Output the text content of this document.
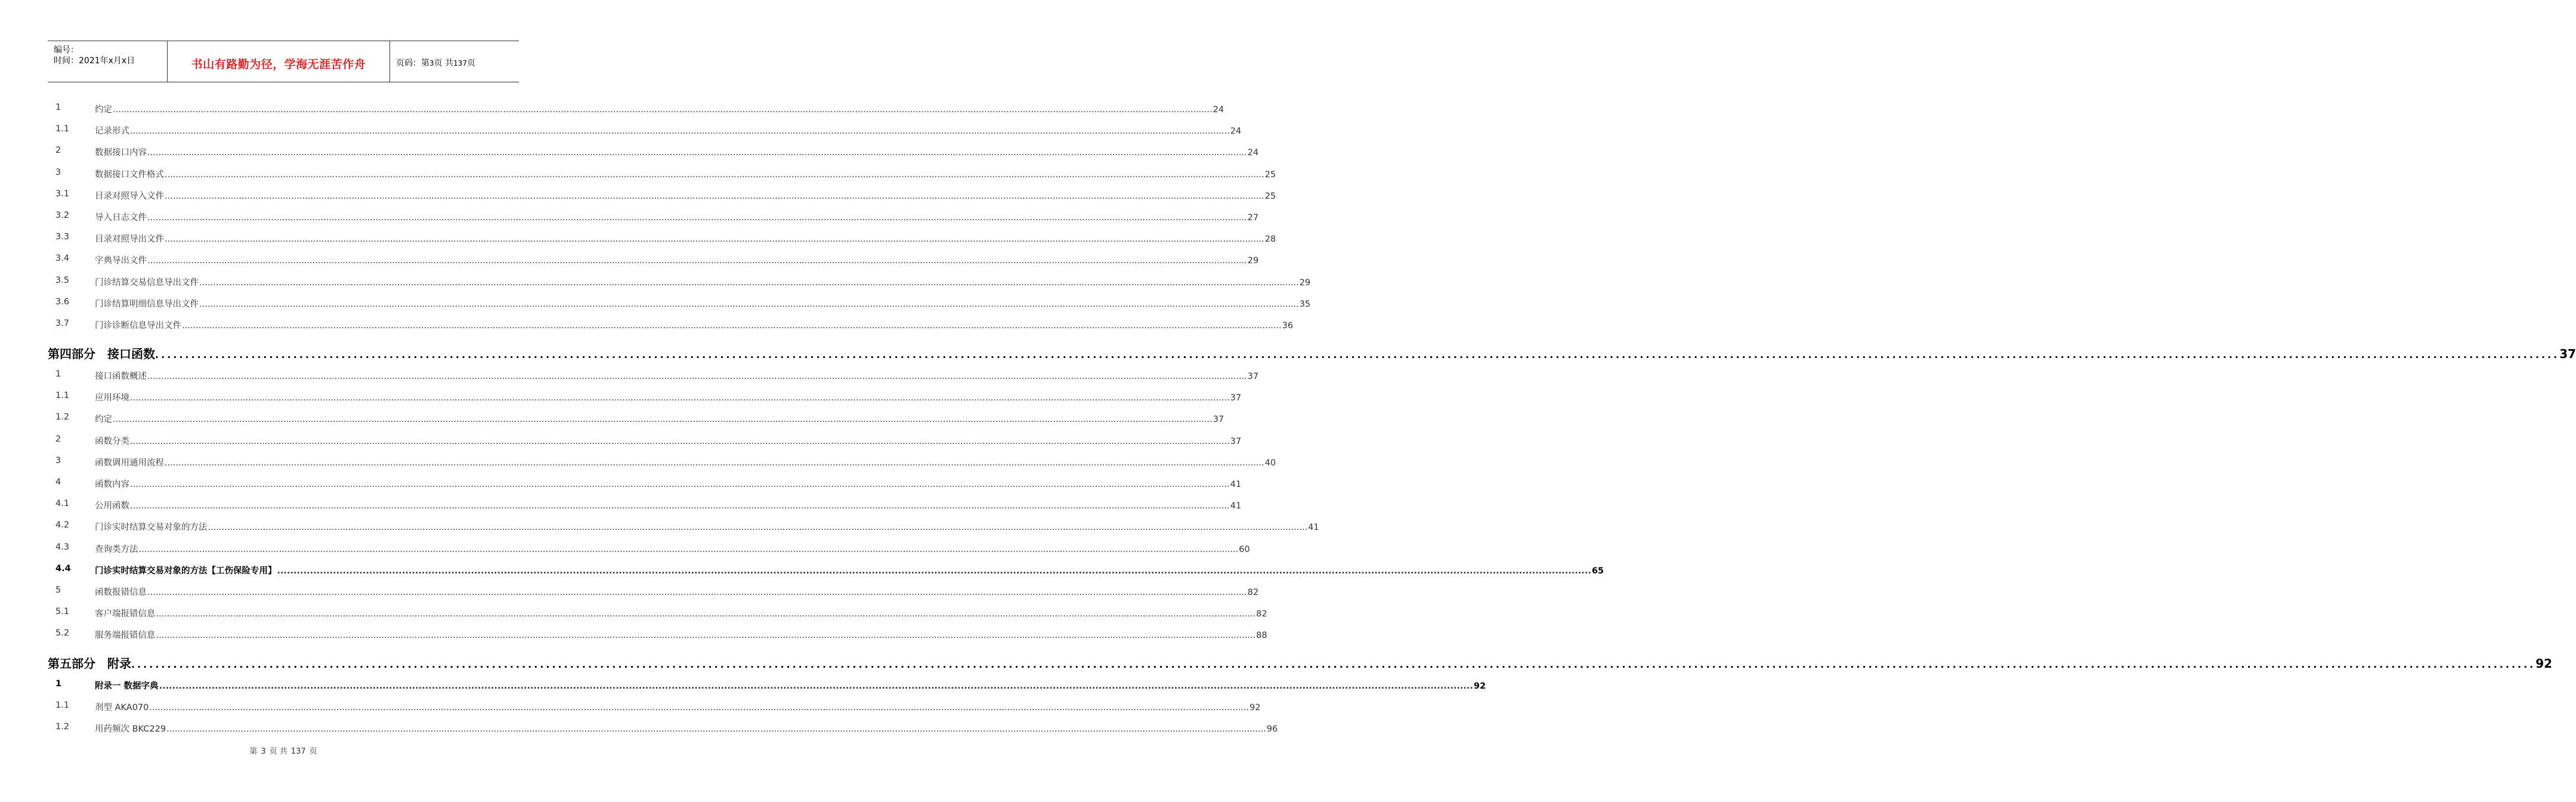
编号：
时间：2021年x月x日	书山有路勤为径，学海无涯苦作舟	页码：第3页 共137页
1	约定 ................................................................................................................................................................................................................................................................................................................................................................................................................ 24
1.1	记录形式 ................................................................................................................................................................................................................................................................................................................................................................................................................ 24
2	数据接口内容 ................................................................................................................................................................................................................................................................................................................................................................................................................ 24
3	数据接口文件格式 ................................................................................................................................................................................................................................................................................................................................................................................................................ 25
3.1	目录对照导入文件 ................................................................................................................................................................................................................................................................................................................................................................................................................ 25
3.2	导入日志文件 ................................................................................................................................................................................................................................................................................................................................................................................................................ 27
3.3	目录对照导出文件 ................................................................................................................................................................................................................................................................................................................................................................................................................ 28
3.4	字典导出文件 ................................................................................................................................................................................................................................................................................................................................................................................................................ 29
3.5	门诊结算交易信息导出文件 ................................................................................................................................................................................................................................................................................................................................................................................................................ 29
3.6	门诊结算明细信息导出文件 ................................................................................................................................................................................................................................................................................................................................................................................................................ 35
3.7	门诊诊断信息导出文件 ................................................................................................................................................................................................................................................................................................................................................................................................................ 36
第四部分　接口函数 ................................................................................................................................................................................................................................................................................................................................................................................................................ 37
1	接口函数概述 ................................................................................................................................................................................................................................................................................................................................................................................................................ 37
1.1	应用环境 ................................................................................................................................................................................................................................................................................................................................................................................................................ 37
1.2	约定 ................................................................................................................................................................................................................................................................................................................................................................................................................ 37
2	函数分类 ................................................................................................................................................................................................................................................................................................................................................................................................................ 37
3	函数调用通用流程 ................................................................................................................................................................................................................................................................................................................................................................................................................ 40
4	函数内容 ................................................................................................................................................................................................................................................................................................................................................................................................................ 41
4.1	公用函数 ................................................................................................................................................................................................................................................................................................................................................................................................................ 41
4.2	门诊实时结算交易对象的方法 ................................................................................................................................................................................................................................................................................................................................................................................................................ 41
4.3	查询类方法 ................................................................................................................................................................................................................................................................................................................................................................................................................ 60
4.4	门诊实时结算交易对象的方法【工伤保险专用】 ................................................................................................................................................................................................................................................................................................................................................................................................................ 65
5	函数报错信息 ................................................................................................................................................................................................................................................................................................................................................................................................................ 82
5.1	客户端报错信息 ................................................................................................................................................................................................................................................................................................................................................................................................................ 82
5.2	服务端报错信息 ................................................................................................................................................................................................................................................................................................................................................................................................................ 88
第五部分　附录 ................................................................................................................................................................................................................................................................................................................................................................................................................ 92
1	附录一 数据字典 ................................................................................................................................................................................................................................................................................................................................................................................................................ 92
1.1	剂型 AKA070 ................................................................................................................................................................................................................................................................................................................................................................................................................ 92
1.2	用药频次 BKC229 ................................................................................................................................................................................................................................................................................................................................................................................................................ 96
第 3 页 共 137 页
